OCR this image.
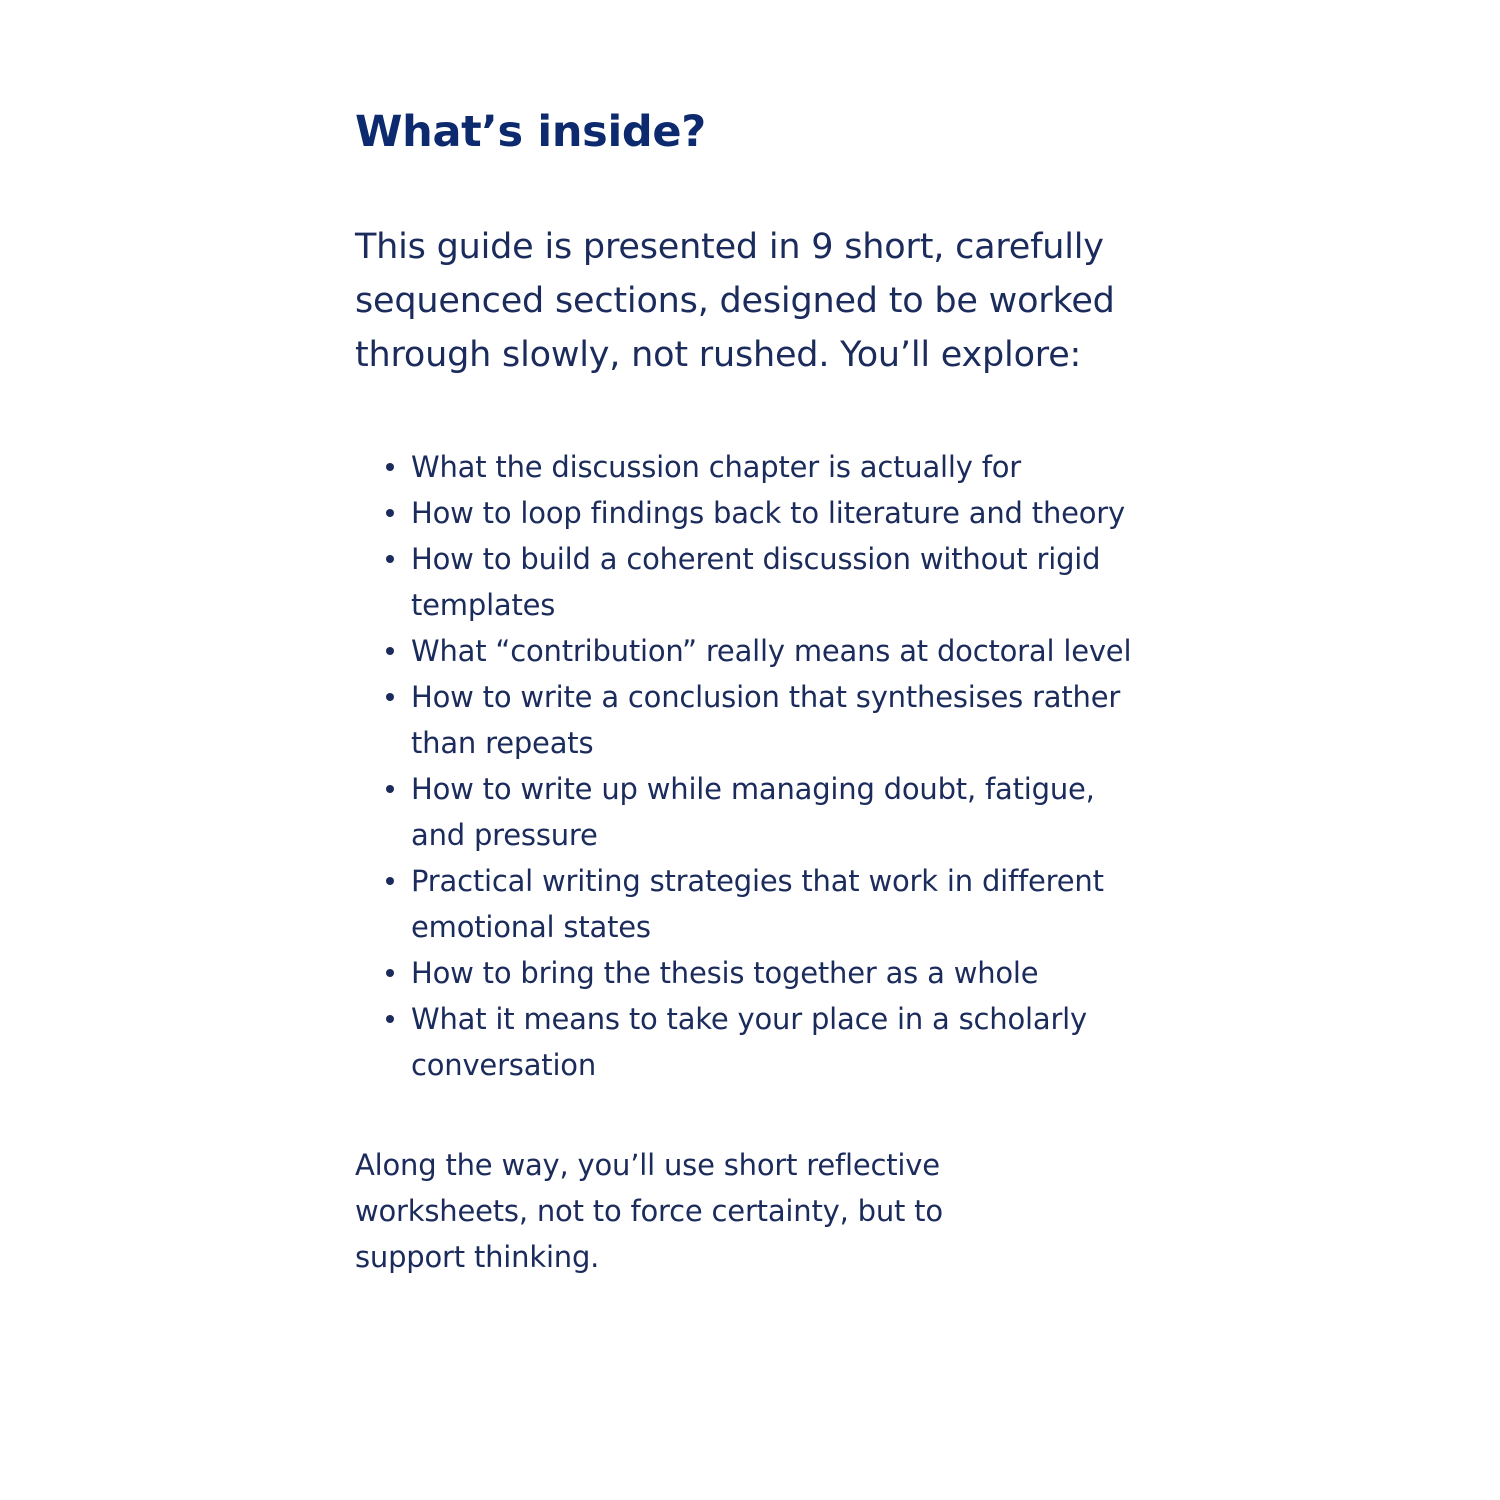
What’s inside?

This guide is presented in 9 short, carefully sequenced sections, designed to be worked through slowly, not rushed. You’ll explore:

What the discussion chapter is actually for
How to loop findings back to literature and theory
How to build a coherent discussion without rigid templates
What “contribution” really means at doctoral level
How to write a conclusion that synthesises rather than repeats
How to write up while managing doubt, fatigue, and pressure
Practical writing strategies that work in different emotional states
How to bring the thesis together as a whole
What it means to take your place in a scholarly conversation

Along the way, you’ll use short reflective worksheets, not to force certainty, but to support thinking.
